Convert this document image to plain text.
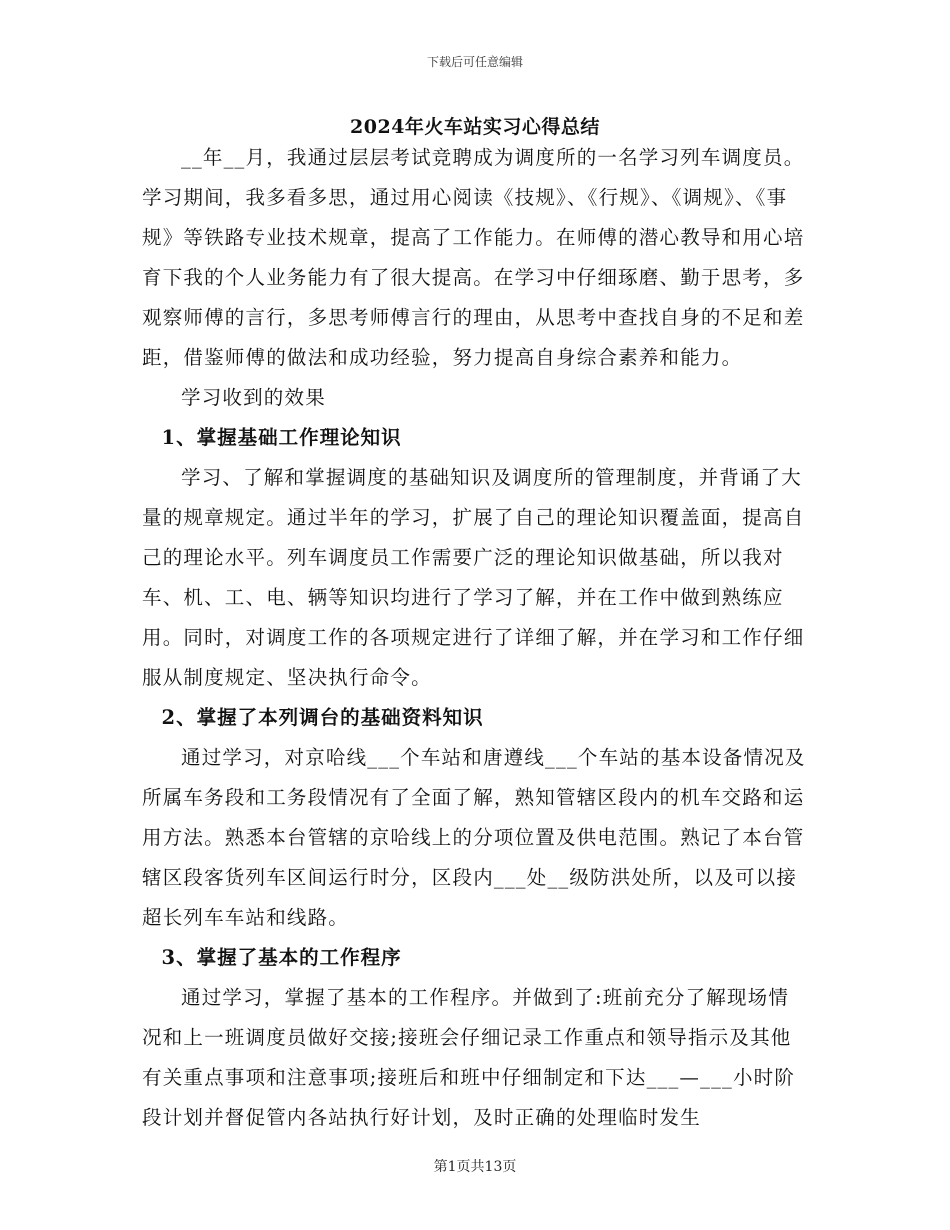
下载后可任意编辑
2024年火车站实习心得总结

__年__月，我通过层层考试竞聘成为调度所的一名学习列车调度员。学习期间，我多看多思，通过用心阅读《技规》、《行规》、《调规》、《事规》等铁路专业技术规章，提高了工作能力。在师傅的潜心教导和用心培育下我的个人业务能力有了很大提高。在学习中仔细琢磨、勤于思考，多观察师傅的言行，多思考师傅言行的理由，从思考中查找自身的不足和差距，借鉴师傅的做法和成功经验，努力提高自身综合素养和能力。

学习收到的效果

1、掌握基础工作理论知识

学习、了解和掌握调度的基础知识及调度所的管理制度，并背诵了大量的规章规定。通过半年的学习，扩展了自己的理论知识覆盖面，提高自己的理论水平。列车调度员工作需要广泛的理论知识做基础，所以我对车、机、工、电、辆等知识均进行了学习了解，并在工作中做到熟练应用。同时，对调度工作的各项规定进行了详细了解，并在学习和工作仔细服从制度规定、坚决执行命令。

2、掌握了本列调台的基础资料知识

通过学习，对京哈线___个车站和唐遵线___个车站的基本设备情况及所属车务段和工务段情况有了全面了解，熟知管辖区段内的机车交路和运用方法。熟悉本台管辖的京哈线上的分项位置及供电范围。熟记了本台管辖区段客货列车区间运行时分，区段内___处__级防洪处所，以及可以接超长列车车站和线路。

3、掌握了基本的工作程序

通过学习，掌握了基本的工作程序。并做到了:班前充分了解现场情况和上一班调度员做好交接;接班会仔细记录工作重点和领导指示及其他有关重点事项和注意事项;接班后和班中仔细制定和下达___—___小时阶段计划并督促管内各站执行好计划，及时正确的处理临时发生

第1页共13页
